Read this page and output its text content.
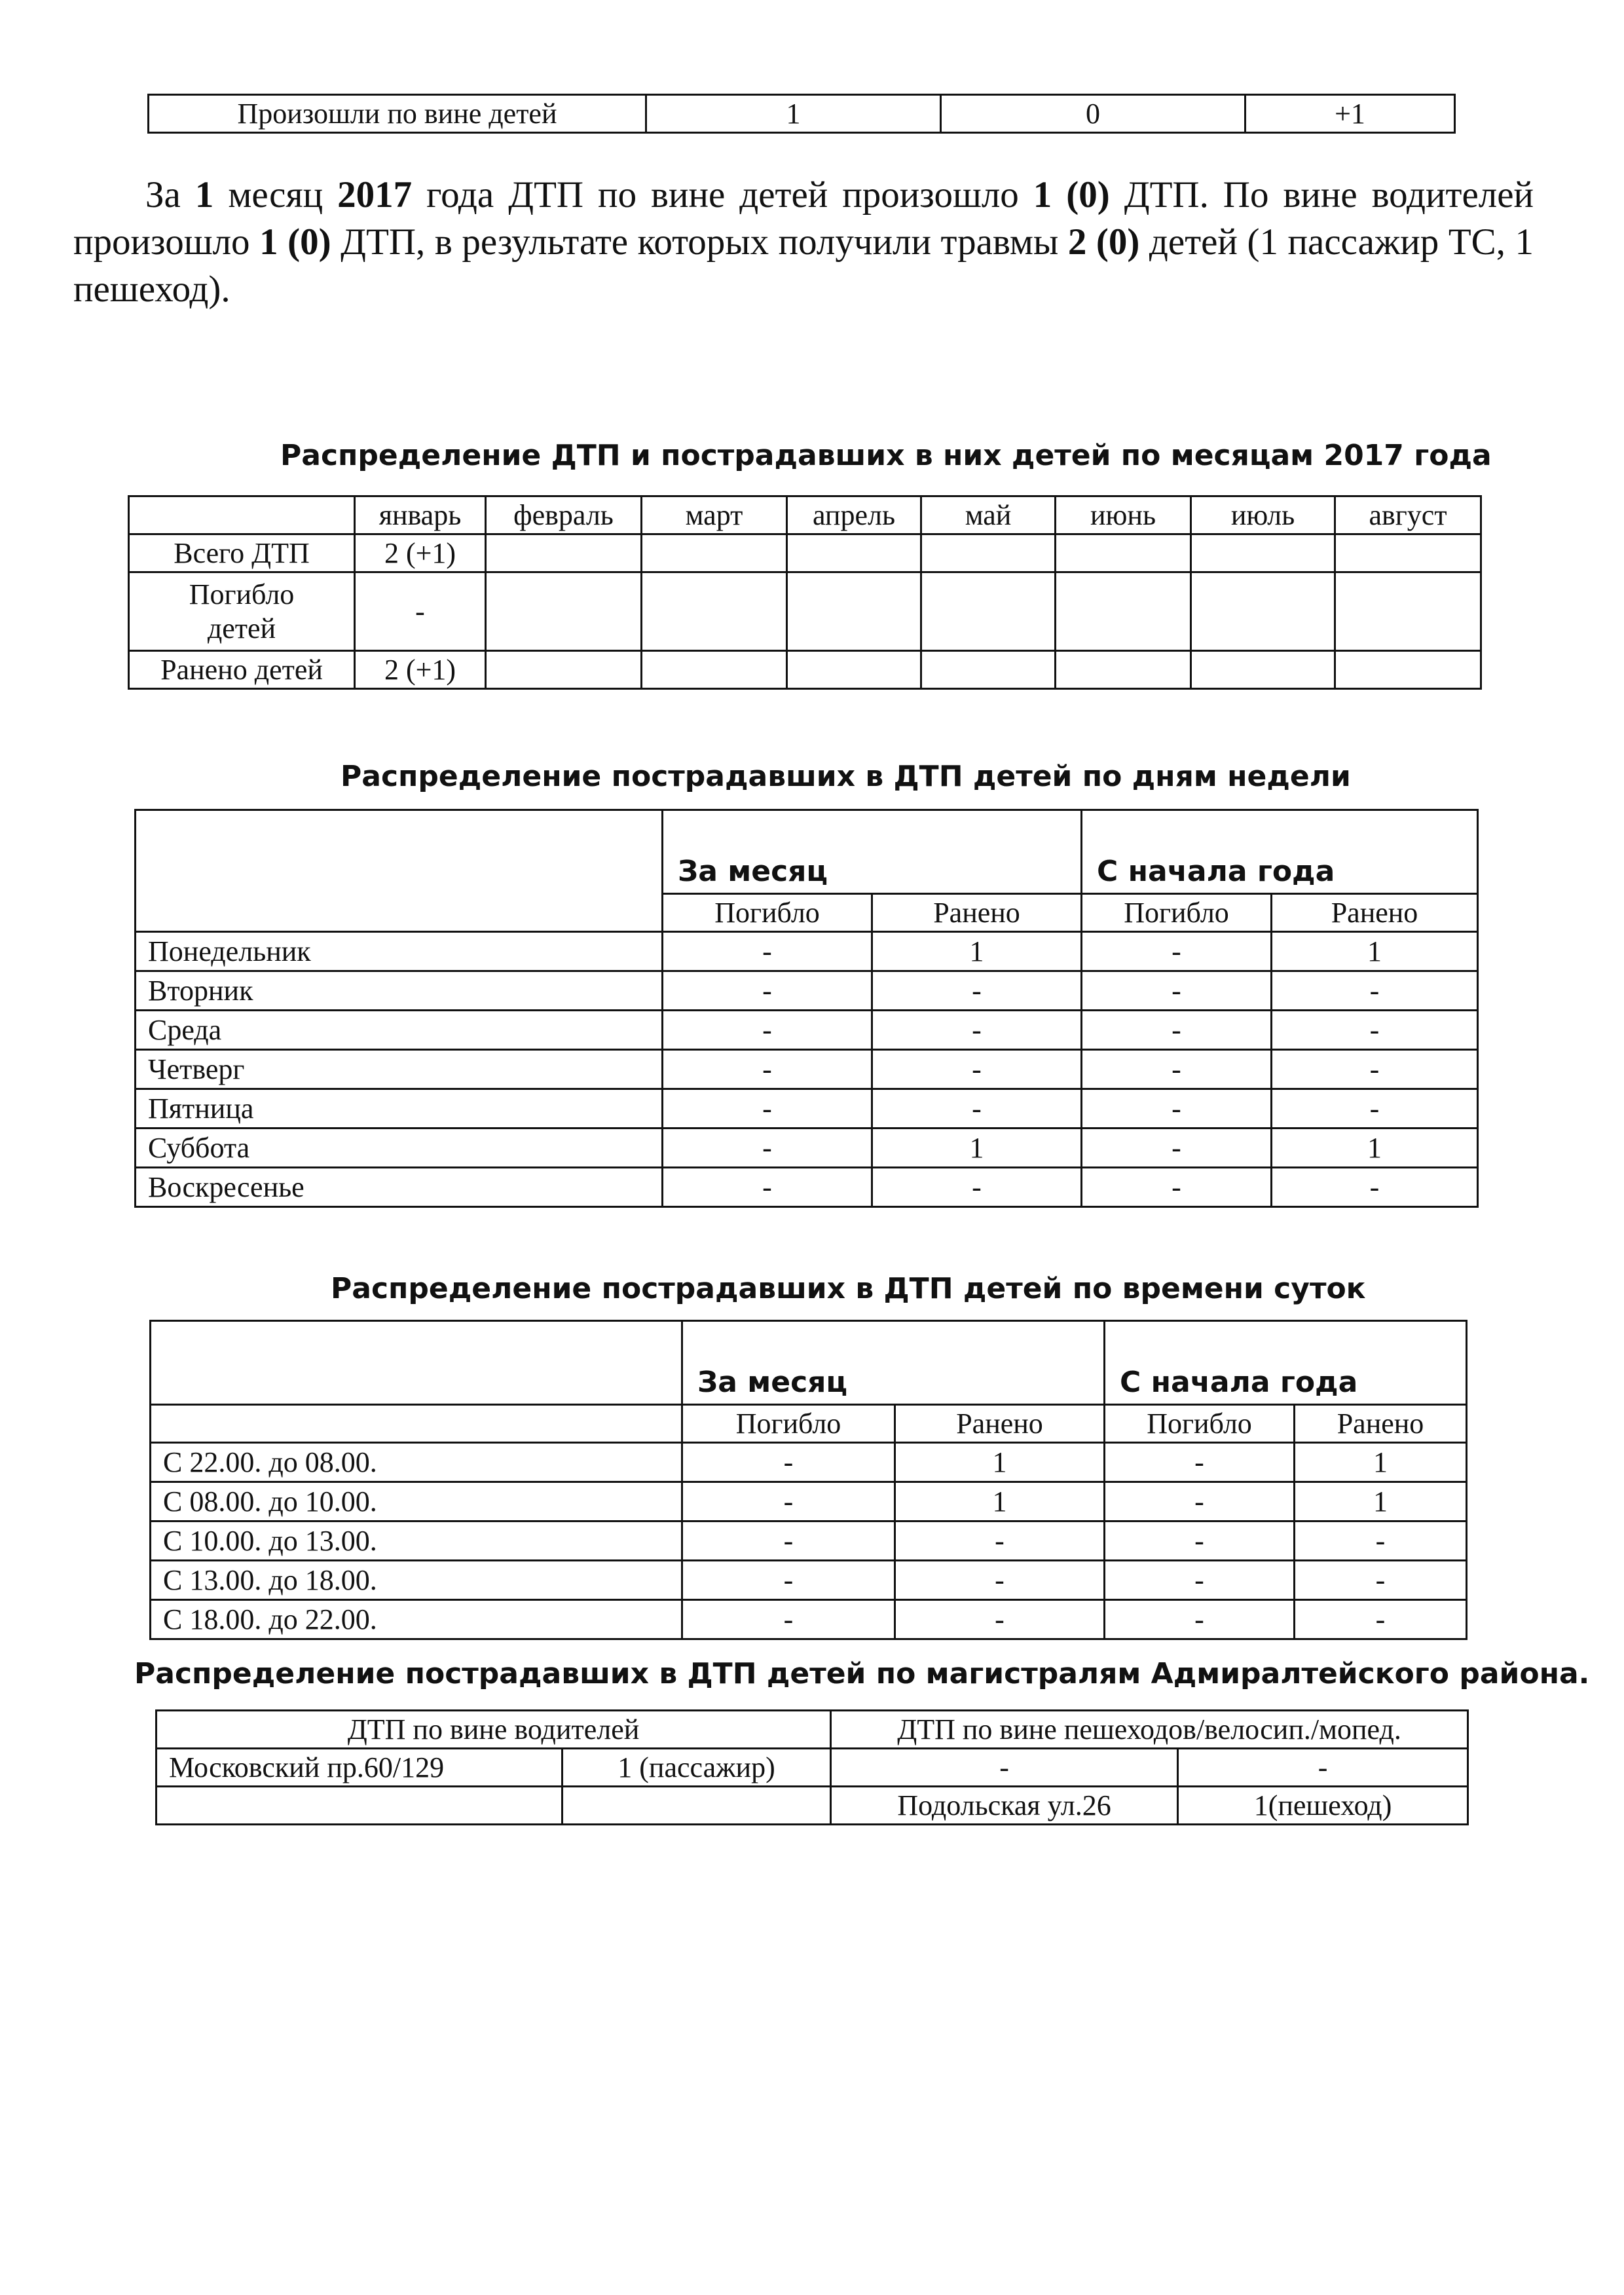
Произошли по вине детей	1	0	+1
За 1 месяц 2017 года ДТП по вине детей произошло 1 (0) ДТП. По вине водителей произошло 1 (0) ДТП, в результате которых получили травмы 2 (0) детей (1 пассажир ТС, 1 пешеход).
Распределение ДТП и пострадавших в них детей по месяцам 2017 года
	январь	февраль	март	апрель	май	июнь	июль	август
Всего ДТП	2 (+1)							
Погибло детей	-							
Ранено детей	2 (+1)							
Распределение пострадавших в ДТП детей по дням недели
	За месяц		С начала года	
	Погибло	Ранено	Погибло	Ранено
Понедельник	-	1	-	1
Вторник	-	-	-	-
Среда	-	-	-	-
Четверг	-	-	-	-
Пятница	-	-	-	-
Суббота	-	1	-	1
Воскресенье	-	-	-	-
Распределение пострадавших в ДТП детей по времени суток
	За месяц		С начала года	
	Погибло	Ранено	Погибло	Ранено
С 22.00. до 08.00.	-	1	-	1
С 08.00. до 10.00.	-	1	-	1
С 10.00. до 13.00.	-	-	-	-
С 13.00. до 18.00.	-	-	-	-
С 18.00. до 22.00.	-	-	-	-
Распределение пострадавших в ДТП детей по магистралям Адмиралтейского района.
ДТП по вине водителей		ДТП по вине пешеходов/велосип./мопед.	
Московский пр.60/129	1 (пассажир)	-	-
		Подольская ул.26	1(пешеход)
